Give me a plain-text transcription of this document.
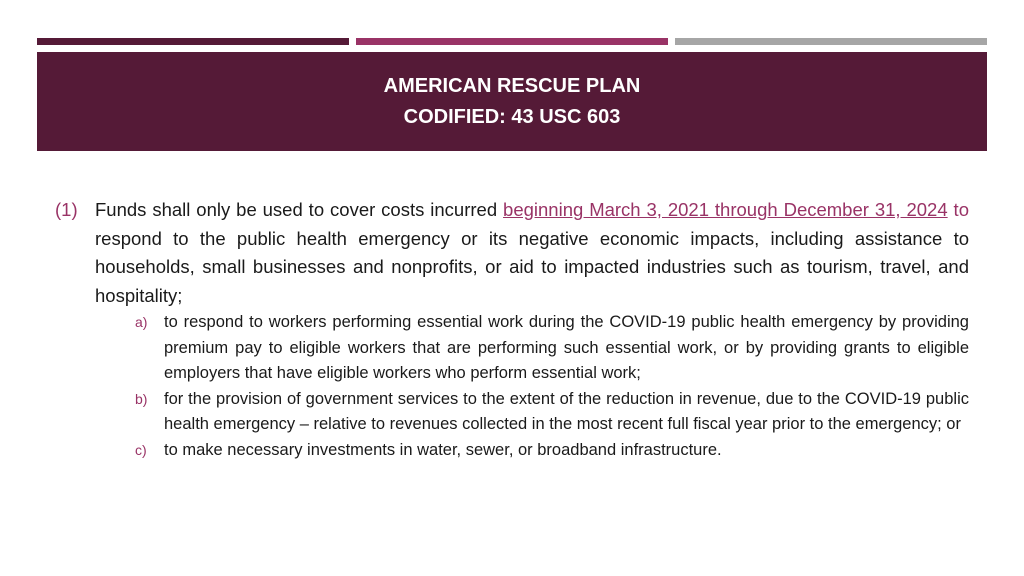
AMERICAN RESCUE PLAN
CODIFIED: 43 USC 603

(1) Funds shall only be used to cover costs incurred beginning March 3, 2021 through December 31, 2024 to respond to the public health emergency or its negative economic impacts, including assistance to households, small businesses and nonprofits, or aid to impacted industries such as tourism, travel, and hospitality;

a) to respond to workers performing essential work during the COVID-19 public health emergency by providing premium pay to eligible workers that are performing such essential work, or by providing grants to eligible employers that have eligible workers who perform essential work;
b) for the provision of government services to the extent of the reduction in revenue, due to the COVID-19 public health emergency – relative to revenues collected in the most recent full fiscal year prior to the emergency; or
c) to make necessary investments in water, sewer, or broadband infrastructure.
